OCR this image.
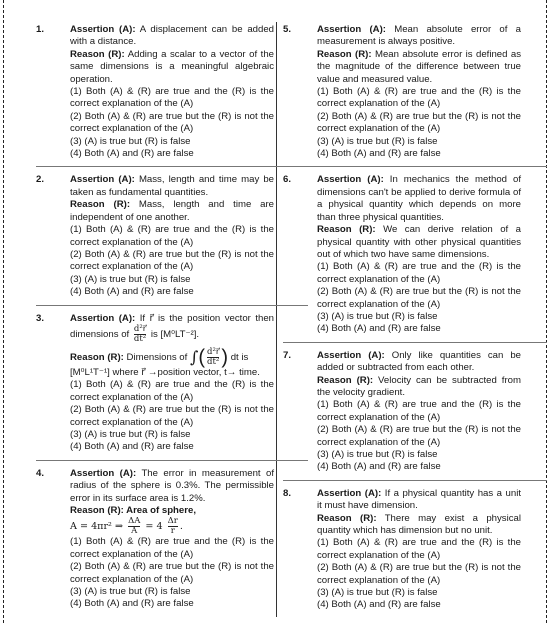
1.	Assertion (A): A displacement can be added with a distance.

Reason (R): Adding a scalar to a vector of the same dimensions is a meaningful algebraic operation.

(1) Both (A) & (R) are true and the (R) is the correct explanation of the (A)

(2) Both (A) & (R) are true but the (R) is not the correct explanation of the (A)

(3) (A) is true but (R) is false

(4) Both (A) and (R) are false

2.	Assertion (A): Mass, length and time may be taken as fundamental quantities.

Reason (R): Mass, length and time are independent of one another.

(1) Both (A) & (R) are true and the (R) is the correct explanation of the (A)

(2) Both (A) & (R) are true but the (R) is not the correct explanation of the (A)

(3) (A) is true but (R) is false

(4) Both (A) and (R) are false

3.	Assertion (A): If r⃗ is the position vector then dimensions of $\frac{\text{d²r⃗}}{\text{dt²}}$ is [M⁰LT⁻²].

Reason (R): Dimensions of ∫( $\frac{\text{d²r⃗}}{\text{dt²}}$ ) dt is

[M⁰L¹T⁻¹] where r⃗ →position vector, t→ time.

(1) Both (A) & (R) are true and the (R) is the correct explanation of the (A)

(2) Both (A) & (R) are true but the (R) is not the correct explanation of the (A)

(3) (A) is true but (R) is false

(4) Both (A) and (R) are false

4.	Assertion (A): The error in measurement of radius of the sphere is 0.3%. The permissible error in its surface area is 1.2%.

Reason (R): Area of sphere,

A = 4πr² ⇒ $\frac{\Delta A}{A} = 4 \frac{\Delta r}{r}$ .

(1) Both (A) & (R) are true and the (R) is the correct explanation of the (A)

(2) Both (A) & (R) are true but the (R) is not the correct explanation of the (A)

(3) (A) is true but (R) is false

(4) Both (A) and (R) are false

5.	Assertion (A): Mean absolute error of a measurement is always positive.

Reason (R): Mean absolute error is defined as the magnitude of the difference between true value and measured value.

(1) Both (A) & (R) are true and the (R) is the correct explanation of the (A)

(2) Both (A) & (R) are true but the (R) is not the correct explanation of the (A)

(3) (A) is true but (R) is false

(4) Both (A) and (R) are false

6.	Assertion (A): In mechanics the method of dimensions can't be applied to derive formula of a physical quantity which depends on more than three physical quantities.

Reason (R): We can derive relation of a physical quantity with other physical quantities out of which two have same dimensions.

(1) Both (A) & (R) are true and the (R) is the correct explanation of the (A)

(2) Both (A) & (R) are true but the (R) is not the correct explanation of the (A)

(3) (A) is true but (R) is false

(4) Both (A) and (R) are false

7.	Assertion (A): Only like quantities can be added or subtracted from each other.

Reason (R): Velocity can be subtracted from the velocity gradient.

(1) Both (A) & (R) are true and the (R) is the correct explanation of the (A)

(2) Both (A) & (R) are true but the (R) is not the correct explanation of the (A)

(3) (A) is true but (R) is false

(4) Both (A) and (R) are false

8.	Assertion (A): If a physical quantity has a unit it must have dimension.

Reason (R): There may exist a physical quantity which has dimension but no unit.

(1) Both (A) & (R) are true and the (R) is the correct explanation of the (A)

(2) Both (A) & (R) are true but the (R) is not the correct explanation of the (A)

(3) (A) is true but (R) is false

(4) Both (A) and (R) are false
